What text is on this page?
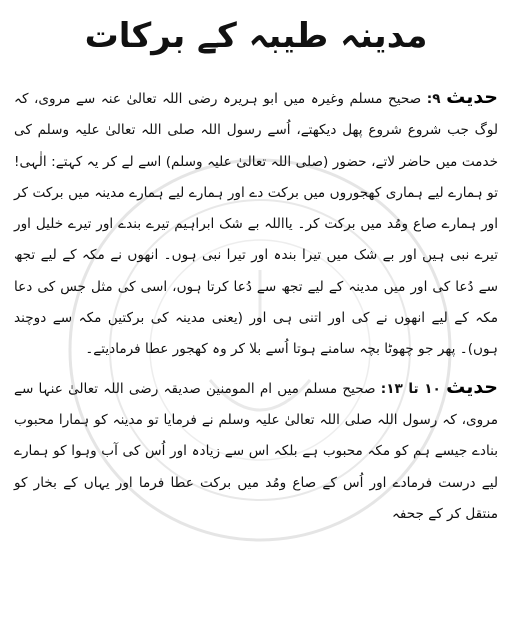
مدینہ طیبہ کے برکات

حدیث ۹: صحیح مسلم وغیرہ میں ابو ہریرہ رضی اللہ تعالیٰ عنہ سے مروی، کہ لوگ جب شروع شروع پھل دیکھتے، اُسے رسول اللہ صلی اللہ تعالیٰ علیہ وسلم کی خدمت میں حاضر لاتے، حضور (صلی اللہ تعالیٰ علیہ وسلم) اسے لے کر یہ کہتے: الٰہی! تو ہمارے لیے ہماری کھجوروں میں برکت دے اور ہمارے لیے ہمارے مدینہ میں برکت کر اور ہمارے صاع ومُد میں برکت کر۔ یااللہ بے شک ابراہیم تیرے بندے اور تیرے خلیل اور تیرے نبی ہیں اور بے شک میں تیرا بندہ اور تیرا نبی ہوں۔ انھوں نے مکہ کے لیے تجھ سے دُعا کی اور میں مدینہ کے لیے تجھ سے دُعا کرتا ہوں، اسی کی مثل جس کی دعا مکہ کے لیے انھوں نے کی اور اتنی ہی اور (یعنی مدینہ کی برکتیں مکہ سے دوچند ہوں)۔ پھر جو چھوٹا بچہ سامنے ہوتا اُسے بلا کر وہ کھجور عطا فرمادیتے۔

حدیث ۱۰ تا ۱۳: صحیح مسلم میں ام المومنین صدیقہ رضی اللہ تعالیٰ عنہا سے مروی، کہ رسول اللہ صلی اللہ تعالیٰ علیہ وسلم نے فرمایا تو مدینہ کو ہمارا محبوب بنادے جیسے ہم کو مکہ محبوب ہے بلکہ اس سے زیادہ اور اُس کی آب وہوا کو ہمارے لیے درست فرمادے اور اُس کے صاع ومُد میں برکت عطا فرما اور یہاں کے بخار کو منتقل کر کے جحفہ
